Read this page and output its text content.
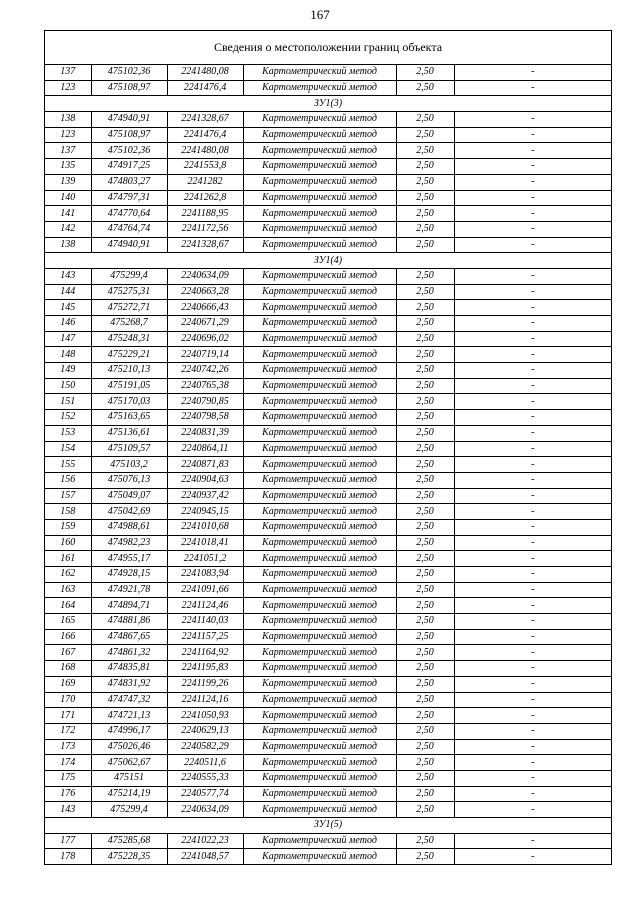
167
Сведения о местоположении границ объекта
137	475102,36	2241480,08	Картометрический метод	2,50	-
123	475108,97	2241476,4	Картометрический метод	2,50	-
ЗУ1(3)					
138	474940,91	2241328,67	Картометрический метод	2,50	-
123	475108,97	2241476,4	Картометрический метод	2,50	-
137	475102,36	2241480,08	Картометрический метод	2,50	-
135	474917,25	2241553,8	Картометрический метод	2,50	-
139	474803,27	2241282	Картометрический метод	2,50	-
140	474797,31	2241262,8	Картометрический метод	2,50	-
141	474770,64	2241188,95	Картометрический метод	2,50	-
142	474764,74	2241172,56	Картометрический метод	2,50	-
138	474940,91	2241328,67	Картометрический метод	2,50	-
ЗУ1(4)					
143	475299,4	2240634,09	Картометрический метод	2,50	-
144	475275,31	2240663,28	Картометрический метод	2,50	-
145	475272,71	2240666,43	Картометрический метод	2,50	-
146	475268,7	2240671,29	Картометрический метод	2,50	-
147	475248,31	2240696,02	Картометрический метод	2,50	-
148	475229,21	2240719,14	Картометрический метод	2,50	-
149	475210,13	2240742,26	Картометрический метод	2,50	-
150	475191,05	2240765,38	Картометрический метод	2,50	-
151	475170,03	2240790,85	Картометрический метод	2,50	-
152	475163,65	2240798,58	Картометрический метод	2,50	-
153	475136,61	2240831,39	Картометрический метод	2,50	-
154	475109,57	2240864,11	Картометрический метод	2,50	-
155	475103,2	2240871,83	Картометрический метод	2,50	-
156	475076,13	2240904,63	Картометрический метод	2,50	-
157	475049,07	2240937,42	Картометрический метод	2,50	-
158	475042,69	2240945,15	Картометрический метод	2,50	-
159	474988,61	2241010,68	Картометрический метод	2,50	-
160	474982,23	2241018,41	Картометрический метод	2,50	-
161	474955,17	2241051,2	Картометрический метод	2,50	-
162	474928,15	2241083,94	Картометрический метод	2,50	-
163	474921,78	2241091,66	Картометрический метод	2,50	-
164	474894,71	2241124,46	Картометрический метод	2,50	-
165	474881,86	2241140,03	Картометрический метод	2,50	-
166	474867,65	2241157,25	Картометрический метод	2,50	-
167	474861,32	2241164,92	Картометрический метод	2,50	-
168	474835,81	2241195,83	Картометрический метод	2,50	-
169	474831,92	2241199,26	Картометрический метод	2,50	-
170	474747,32	2241124,16	Картометрический метод	2,50	-
171	474721,13	2241050,93	Картометрический метод	2,50	-
172	474996,17	2240629,13	Картометрический метод	2,50	-
173	475026,46	2240582,29	Картометрический метод	2,50	-
174	475062,67	2240511,6	Картометрический метод	2,50	-
175	475151	2240555,33	Картометрический метод	2,50	-
176	475214,19	2240577,74	Картометрический метод	2,50	-
143	475299,4	2240634,09	Картометрический метод	2,50	-
ЗУ1(5)					
177	475285,68	2241022,23	Картометрический метод	2,50	-
178	475228,35	2241048,57	Картометрический метод	2,50	-
